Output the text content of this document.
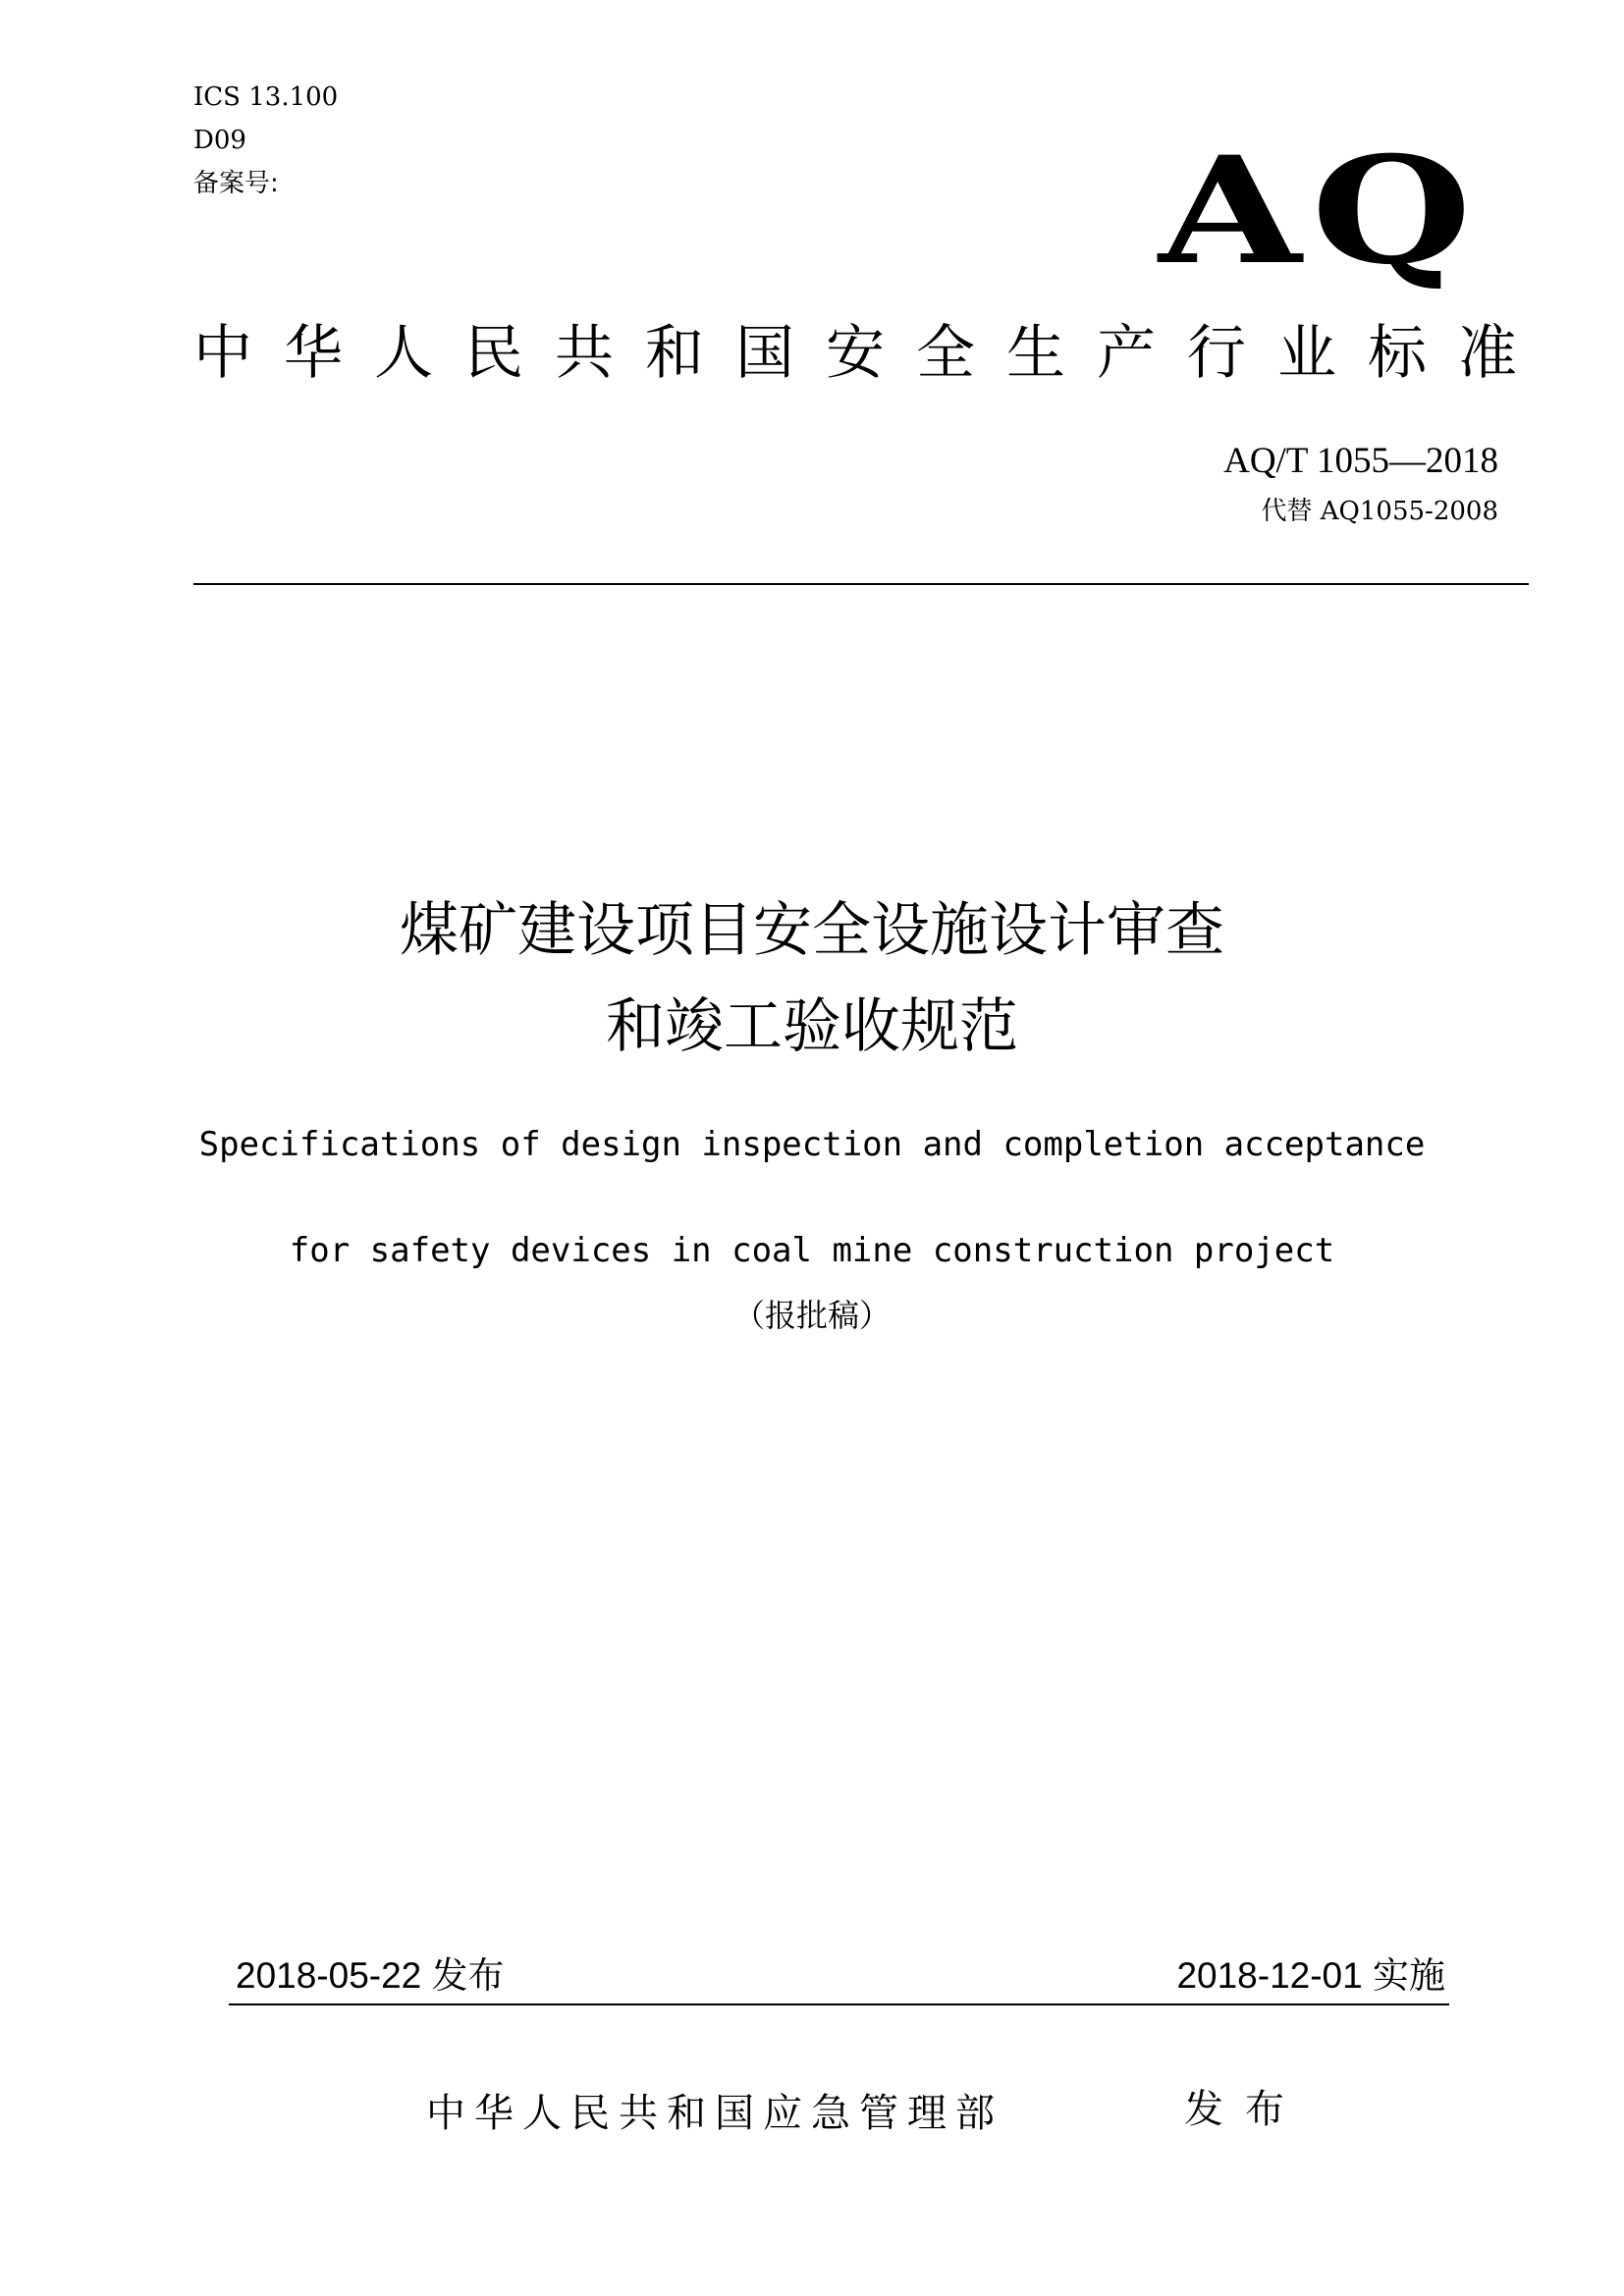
ICS 13.100
D09
备案号:	AQ
中华人民共和国安全生产行业标准
AQ/T 1055—2018
代替 AQ1055-2008
煤矿建设项目安全设施设计审查
和竣工验收规范
Specifications of design inspection and completion acceptance
for safety devices in coal mine construction project
（报批稿）
2018-05-22 发布	2018-12-01 实施
中华人民共和国应急管理部	发布
